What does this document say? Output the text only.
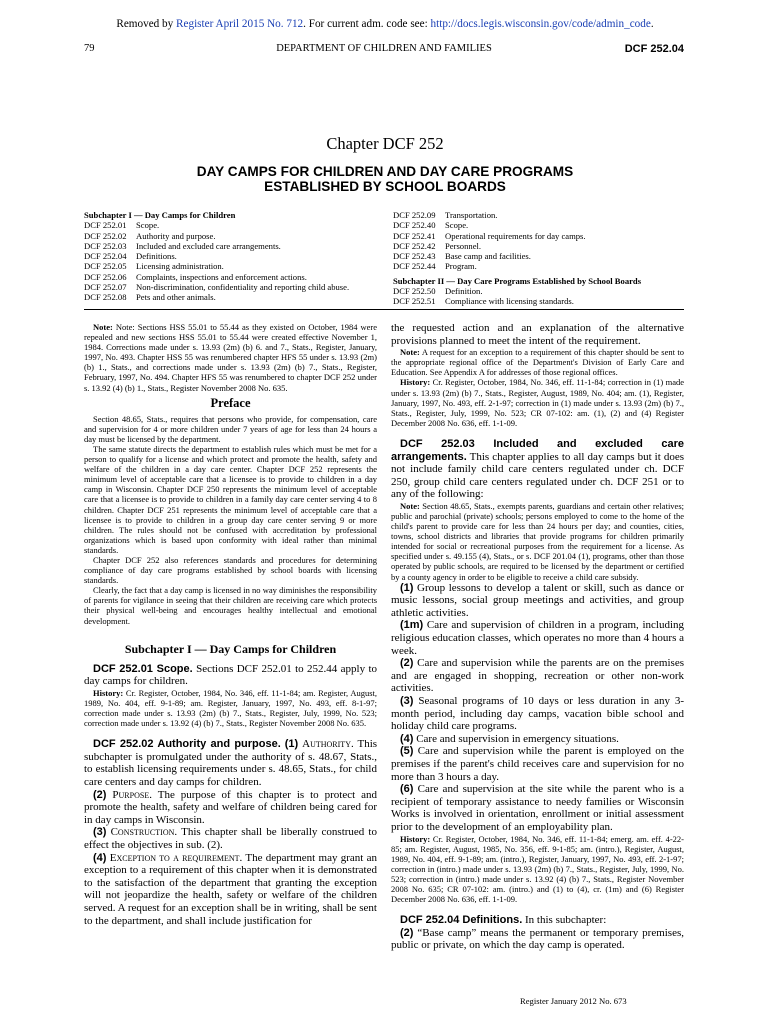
Removed by Register April 2015 No. 712. For current adm. code see: http://docs.legis.wisconsin.gov/code/admin_code.
79	DEPARTMENT OF CHILDREN AND FAMILIES	DCF 252.04
Chapter DCF 252
DAY CAMPS FOR CHILDREN AND DAY CARE PROGRAMS
ESTABLISHED BY SCHOOL BOARDS
Subchapter I — Day Camps for Children
DCF 252.01	Scope.
DCF 252.02	Authority and purpose.
DCF 252.03	Included and excluded care arrangements.
DCF 252.04	Definitions.
DCF 252.05	Licensing administration.
DCF 252.06	Complaints, inspections and enforcement actions.
DCF 252.07	Non-discrimination, confidentiality and reporting child abuse.
DCF 252.08	Pets and other animals.
DCF 252.09	Transportation.
DCF 252.40	Scope.
DCF 252.41	Operational requirements for day camps.
DCF 252.42	Personnel.
DCF 252.43	Base camp and facilities.
DCF 252.44	Program.
Subchapter II — Day Care Programs Established by School Boards
DCF 252.50	Definition.
DCF 252.51	Compliance with licensing standards.

Note: Note: Sections HSS 55.01 to 55.44 as they existed on October, 1984 were repealed and new sections HSS 55.01 to 55.44 were created effective November 1, 1984. Corrections made under s. 13.93 (2m) (b) 6. and 7., Stats., Register, January, 1997, No. 493. Chapter HSS 55 was renumbered chapter HFS 55 under s. 13.93 (2m) (b) 1., Stats., and corrections made under s. 13.93 (2m) (b) 7., Stats., Register, February, 1997, No. 494. Chapter HFS 55 was renumbered to chapter DCF 252 under s. 13.92 (4) (b) 1., Stats., Register November 2008 No. 635.

Preface

Section 48.65, Stats., requires that persons who provide, for compensation, care and supervision for 4 or more children under 7 years of age for less than 24 hours a day must be licensed by the department.

The same statute directs the department to establish rules which must be met for a person to qualify for a license and which protect and promote the health, safety and welfare of the children in a day care center. Chapter DCF 252 represents the minimum level of acceptable care that a licensee is to provide to children in a day camp in Wisconsin. Chapter DCF 250 represents the minimum level of acceptable care that a licensee is to provide to children in a family day care center serving 4 to 8 children. Chapter DCF 251 represents the minimum level of acceptable care that a licensee is to provide to children in a group day care center serving 9 or more children. The rules should not be confused with accreditation by professional organizations which is based upon conformity with ideal rather than minimal standards.

Chapter DCF 252 also references standards and procedures for determining compliance of day care programs established by school boards with licensing standards.

Clearly, the fact that a day camp is licensed in no way diminishes the responsibility of parents for vigilance in seeing that their children are receiving care which protects their physical well-being and encourages healthy intellectual and emotional development.

Subchapter I — Day Camps for Children

DCF 252.01 Scope. Sections DCF 252.01 to 252.44 apply to day camps for children.

History: Cr. Register, October, 1984, No. 346, eff. 11-1-84; am. Register, August, 1989, No. 404, eff. 9-1-89; am. Register, January, 1997, No. 493, eff. 8-1-97; correction made under s. 13.93 (2m) (b) 7., Stats., Register, July, 1999, No. 523; correction made under s. 13.92 (4) (b) 7., Stats., Register November 2008 No. 635.

DCF 252.02 Authority and purpose. (1) Authority. This subchapter is promulgated under the authority of s. 48.67, Stats., to establish licensing requirements under s. 48.65, Stats., for child care centers and day camps for children.

(2) Purpose. The purpose of this chapter is to protect and promote the health, safety and welfare of children being cared for in day camps in Wisconsin.

(3) Construction. This chapter shall be liberally construed to effect the objectives in sub. (2).

(4) Exception to a requirement. The department may grant an exception to a requirement of this chapter when it is demonstrated to the satisfaction of the department that granting the exception will not jeopardize the health, safety or welfare of the children served. A request for an exception shall be in writing, shall be sent to the department, and shall include justification for

the requested action and an explanation of the alternative provisions planned to meet the intent of the requirement.

Note: A request for an exception to a requirement of this chapter should be sent to the appropriate regional office of the Department's Division of Early Care and Education. See Appendix A for addresses of those regional offices.

History: Cr. Register, October, 1984, No. 346, eff. 11-1-84; correction in (1) made under s. 13.93 (2m) (b) 7., Stats., Register, August, 1989, No. 404; am. (1), Register, January, 1997, No. 493, eff. 2-1-97; correction in (1) made under s. 13.93 (2m) (b) 7., Stats., Register, July, 1999, No. 523; CR 07-102: am. (1), (2) and (4) Register December 2008 No. 636, eff. 1-1-09.

DCF 252.03 Included and excluded care arrangements. This chapter applies to all day camps but it does not include family child care centers regulated under ch. DCF 250, group child care centers regulated under ch. DCF 251 or to any of the following:

Note: Section 48.65, Stats., exempts parents, guardians and certain other relatives; public and parochial (private) schools; persons employed to come to the home of the child's parent to provide care for less than 24 hours per day; and counties, cities, towns, school districts and libraries that provide programs for children primarily intended for social or recreational purposes from the requirement for a license. As specified under s. 49.155 (4), Stats., or s. DCF 201.04 (1), programs, other than those operated by public schools, are required to be licensed by the department or certified by a county agency in order to be eligible to receive a child care subsidy.

(1) Group lessons to develop a talent or skill, such as dance or music lessons, social group meetings and activities, and group athletic activities.

(1m) Care and supervision of children in a program, including religious education classes, which operates no more than 4 hours a week.

(2) Care and supervision while the parents are on the premises and are engaged in shopping, recreation or other non-work activities.

(3) Seasonal programs of 10 days or less duration in any 3-month period, including day camps, vacation bible school and holiday child care programs.

(4) Care and supervision in emergency situations.

(5) Care and supervision while the parent is employed on the premises if the parent's child receives care and supervision for no more than 3 hours a day.

(6) Care and supervision at the site while the parent who is a recipient of temporary assistance to needy families or Wisconsin Works is involved in orientation, enrollment or initial assessment prior to the development of an employability plan.

History: Cr. Register, October, 1984, No. 346, eff. 11-1-84; emerg. am. eff. 4-22-85; am. Register, August, 1985, No. 356, eff. 9-1-85; am. (intro.), Register, August, 1989, No. 404, eff. 9-1-89; am. (intro.), Register, January, 1997, No. 493, eff. 2-1-97; correction in (intro.) made under s. 13.93 (2m) (b) 7., Stats., Register, July, 1999, No. 523; correction in (intro.) made under s. 13.92 (4) (b) 7., Stats., Register November 2008 No. 635; CR 07-102: am. (intro.) and (1) to (4), cr. (1m) and (6) Register December 2008 No. 636, eff. 1-1-09.

DCF 252.04 Definitions. In this subchapter:

(2) “Base camp” means the permanent or temporary premises, public or private, on which the day camp is operated.

Register January 2012 No. 673
